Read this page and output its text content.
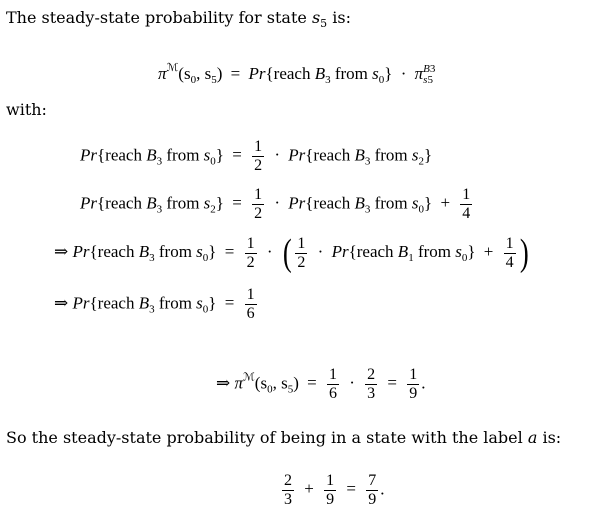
The steady-state probability for state $s_5$ is:
$\pi^ℳ(s_0$, $s_5$) = Pr{reach $B_3$ from $s_0\} \cdot \pi$ B3
s5
with:
Pr{reach $B_3$ from $s_0\} = \frac{1}{2}$ · Pr{reach $B_3$ from $s_2$}
Pr{reach $B_3$ from $s_2\} = \frac{1}{2}$ · Pr{reach $B_3$ from $s_0\} + \frac{1}{4}$
⇒ Pr{reach $B_3$ from $s_0\} = \frac{1}{2}$ · ( $\frac{1}{2}$ · Pr{reach $B_1$ from $s_0\} + \frac{1}{4}$ )
⇒ Pr{reach $B_3$ from $s_0\} = \frac{1}{6}$
⇒ $\pi^ℳ(s_0$, $s_5) = \frac{1}{6} \cdot \frac{2}{3} = \frac{1}{9}$ .
So the steady-state probability of being in a state with the label a is:
$\frac{2}{3} + \frac{1}{9} = \frac{7}{9}$ .
